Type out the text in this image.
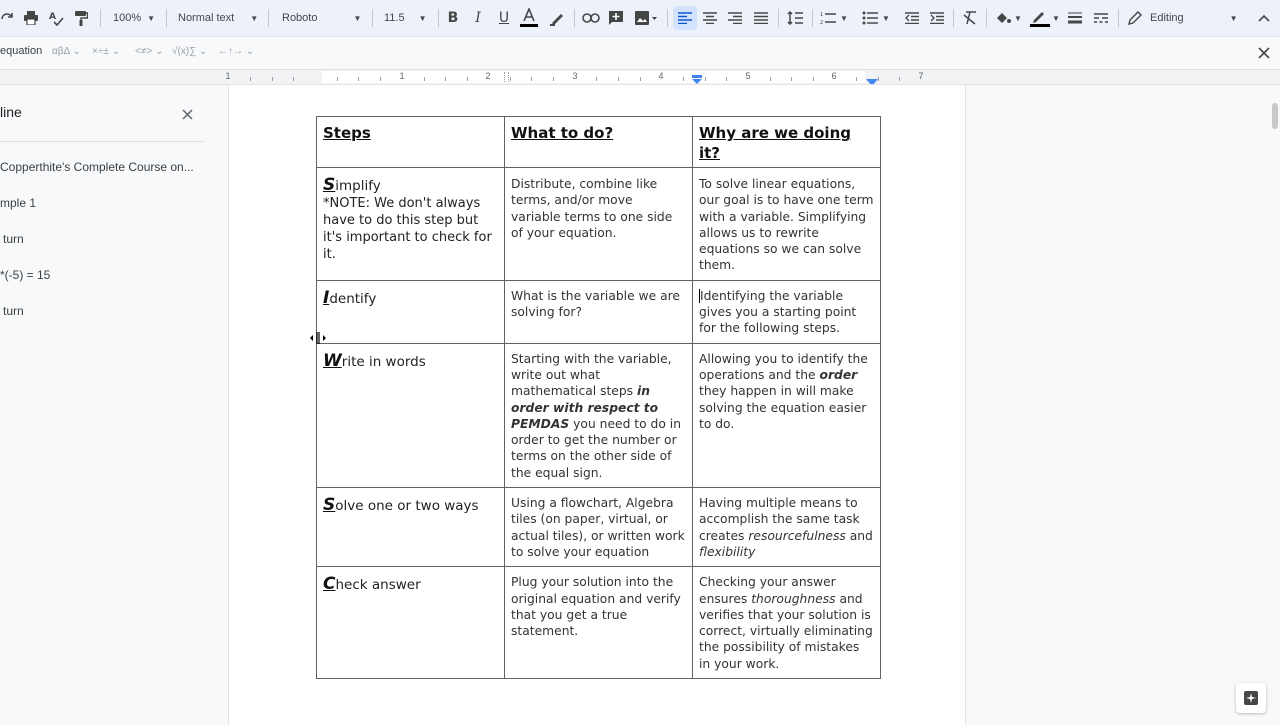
A	100% ▼ Normal text ▼ Roboto	▼ 11.5 ▼ B	I	U	1
2
▼	▼	▼	▼	Editing	▼
equation αβΔ ⌄ ×÷± ⌄ <≠> ⌄ √(x)∑ ⌄ ←↑→ ⌄
1	1	2	3	4	5	6	7
line
Copperthite's Complete Course on...
mple 1
turn
*(-5) = 15
turn
Steps	What to do?	Why are we doing it?
Simplify
*NOTE: We don't always have to do this step but it's important to check for it.	Distribute, combine like terms, and/or move variable terms to one side of your equation.	To solve linear equations, our goal is to have one term with a variable. Simplifying allows us to rewrite equations so we can solve them.
Identify	What is the variable we are solving for?	Identifying the variable gives you a starting point for the following steps.
Write in words	Starting with the variable, write out what mathematical steps in order with respect to PEMDAS you need to do in order to get the number or terms on the other side of the equal sign.	Allowing you to identify the operations and the order they happen in will make solving the equation easier to do.
Solve one or two ways	Using a flowchart, Algebra tiles (on paper, virtual, or actual tiles), or written work to solve your equation	Having multiple means to accomplish the same task creates resourcefulness and flexibility
Check answer	Plug your solution into the original equation and verify that you get a true statement.	Checking your answer ensures thoroughness and verifies that your solution is correct, virtually eliminating the possibility of mistakes in your work.
